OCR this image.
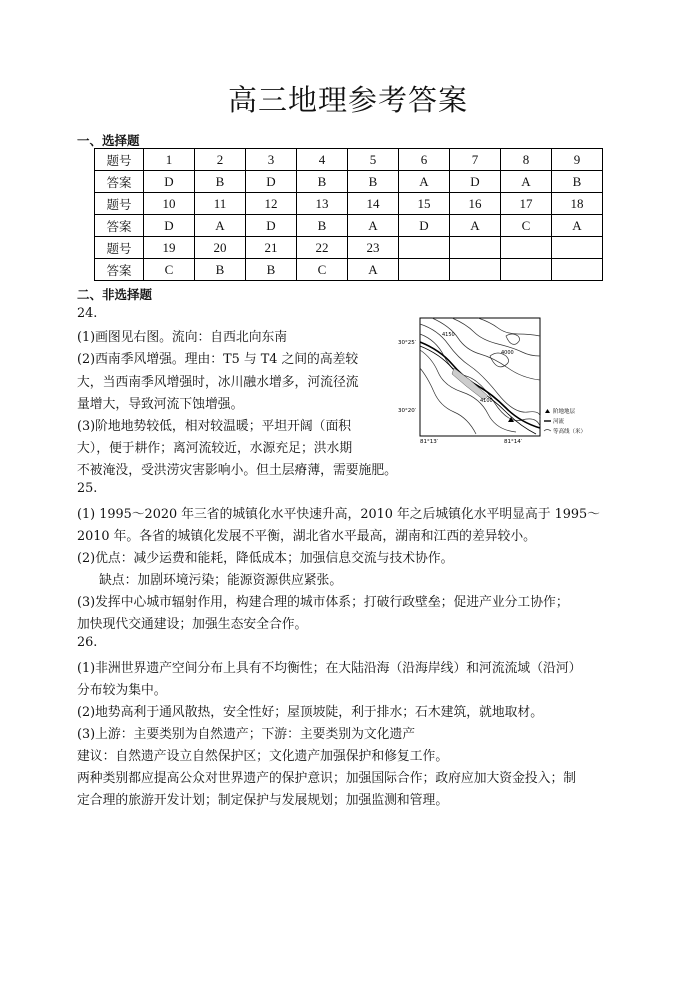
高三地理参考答案
一、选择题
题号	1	2	3	4	5	6	7	8	9
答案	D	B	D	B	B	A	D	A	B
题号	10	11	12	13	14	15	16	17	18
答案	D	A	D	B	A	D	A	C	A
题号	19	20	21	22	23				
答案	C	B	B	C	A				
二、非选择题
24.
(1)画图见右图。流向：自西北向东南
(2)西南季风增强。理由：T5 与 T4 之间的高差较
大，当西南季风增强时，冰川融水增多，河流径流
量增大，导致河流下蚀增强。
(3)阶地地势较低，相对较温暖；平坦开阔（面积
大），便于耕作；离河流较近，水源充足；洪水期
不被淹没，受洪涝灾害影响小。但土层瘠薄，需要施肥。
4000
4100
4150
30°25′
30°20′
81°13′	81°14′
阶地地层
河流
等高线（米）
25.
(1) 1995～2020 年三省的城镇化水平快速升高，2010 年之后城镇化水平明显高于 1995～
2010 年。各省的城镇化发展不平衡，湖北省水平最高，湖南和江西的差异较小。
(2)优点：减少运费和能耗，降低成本；加强信息交流与技术协作。
缺点：加剧环境污染；能源资源供应紧张。
(3)发挥中心城市辐射作用，构建合理的城市体系；打破行政壁垒；促进产业分工协作；
加快现代交通建设；加强生态安全合作。
26.
(1)非洲世界遗产空间分布上具有不均衡性；在大陆沿海（沿海岸线）和河流流域（沿河）
分布较为集中。
(2)地势高利于通风散热，安全性好；屋顶坡陡，利于排水；石木建筑，就地取材。
(3)上游：主要类别为自然遗产；下游：主要类别为文化遗产
建议：自然遗产设立自然保护区；文化遗产加强保护和修复工作。
两种类别都应提高公众对世界遗产的保护意识；加强国际合作；政府应加大资金投入；制
定合理的旅游开发计划；制定保护与发展规划；加强监测和管理。
